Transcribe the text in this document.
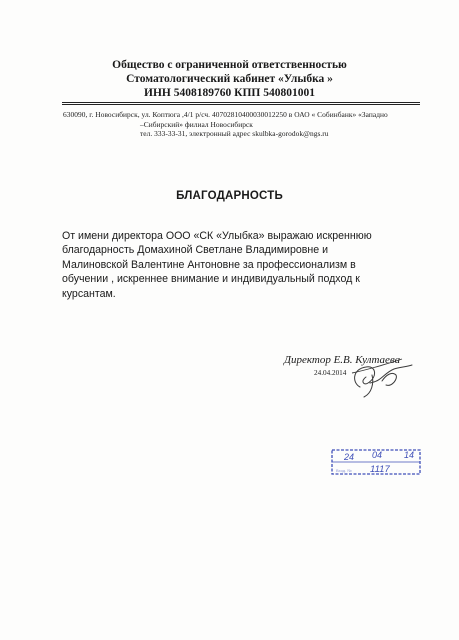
Общество с ограниченной ответственностью
Стоматологический кабинет «Улыбка »
ИНН 5408189760 КПП 540801001
630090, г. Новосибирск, ул. Коптюга ,4/1 р/сч. 40702810400030012250 в ОАО « Собинбанк» «Западно
–Сибирский» филиал Новосибирск
тел. 333-33-31, электронный адрес skulbka-gorodok@ngs.ru
БЛАГОДАРНОСТЬ
От имени директора ООО «СК «Улыбка» выражаю искреннюю
благодарность Домахиной Светлане Владимировне и
Малиновской Валентине Антоновне за профессионализм в
обучении , искреннее внимание и индивидуальный подход к
курсантам.
Директор Е.В. Култаева
24.04.2014
24 04 14
1117
Вход. №
